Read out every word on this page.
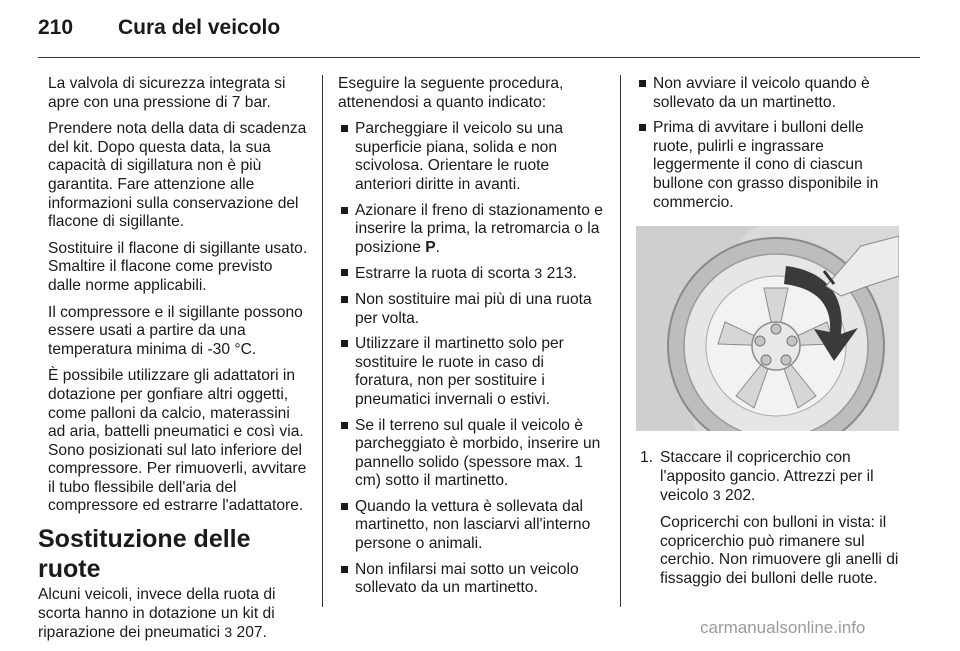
210 Cura del veicolo

La valvola di sicurezza integrata si apre con una pressione di 7 bar.

Prendere nota della data di scadenza del kit. Dopo questa data, la sua capacità di sigillatura non è più garantita. Fare attenzione alle informazioni sulla conservazione del flacone di sigillante.

Sostituire il flacone di sigillante usato. Smaltire il flacone come previsto dalle norme applicabili.

Il compressore e il sigillante possono essere usati a partire da una temperatura minima di -30 °C.

È possibile utilizzare gli adattatori in dotazione per gonfiare altri oggetti, come palloni da calcio, materassini ad aria, battelli pneumatici e così via. Sono posizionati sul lato inferiore del compressore. Per rimuoverli, avvitare il tubo flessibile dell'aria del compressore ed estrarre l'adattatore.

Sostituzione delle ruote

Alcuni veicoli, invece della ruota di scorta hanno in dotazione un kit di riparazione dei pneumatici 3 207.

Eseguire la seguente procedura, attenendosi a quanto indicato:

Parcheggiare il veicolo su una superficie piana, solida e non scivolosa. Orientare le ruote anteriori diritte in avanti.
Azionare il freno di stazionamento e inserire la prima, la retromarcia o la posizione P.
Estrarre la ruota di scorta 3 213.
Non sostituire mai più di una ruota per volta.
Utilizzare il martinetto solo per sostituire le ruote in caso di foratura, non per sostituire i pneumatici invernali o estivi.
Se il terreno sul quale il veicolo è parcheggiato è morbido, inserire un pannello solido (spessore max. 1 cm) sotto il martinetto.
Quando la vettura è sollevata dal martinetto, non lasciarvi all'interno persone o animali.
Non infilarsi mai sotto un veicolo sollevato da un martinetto.
Non avviare il veicolo quando è sollevato da un martinetto.
Prima di avvitare i bulloni delle ruote, pulirli e ingrassare leggermente il cono di ciascun bullone con grasso disponibile in commercio.
1. Staccare il copricerchio con l'apposito gancio. Attrezzi per il veicolo 3 202.

Copricerchi con bulloni in vista: il copricerchio può rimanere sul cerchio. Non rimuovere gli anelli di fissaggio dei bulloni delle ruote.

carmanualsonline.info
